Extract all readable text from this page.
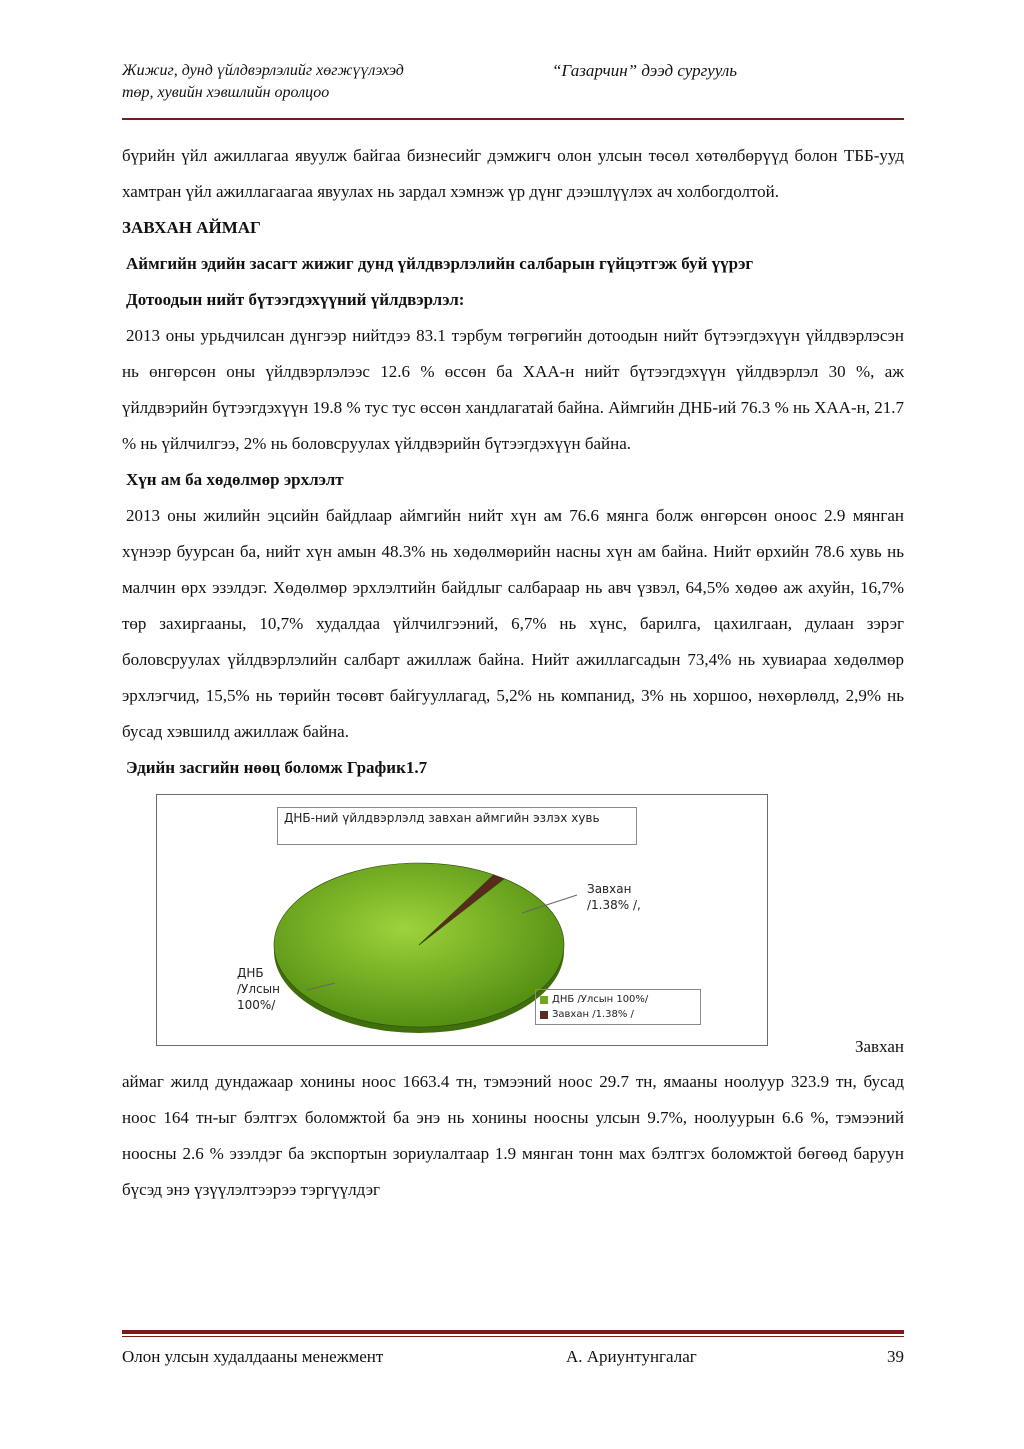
Жижиг, дунд үйлдвэрлэлийг хөгжүүлэхэд
төр, хувийн хэвшлийн оролцоо
“Газарчин” дээд сургууль

бүрийн үйл ажиллагаа явуулж байгаа бизнесийг дэмжигч олон улсын төсөл хөтөлбөрүүд болон ТББ-ууд хамтран үйл ажиллагаагаа явуулах нь зардал хэмнэж үр дүнг дээшлүүлэх ач холбогдолтой.

ЗАВХАН АЙМАГ

Аймгийн эдийн засагт жижиг дунд үйлдвэрлэлийн салбарын гүйцэтгэж буй үүрэг

Дотоодын нийт бүтээгдэхүүний үйлдвэрлэл:

2013 оны урьдчилсан дүнгээр нийтдээ 83.1 тэрбум төгрөгийн дотоодын нийт бүтээгдэхүүн үйлдвэрлэсэн нь өнгөрсөн оны үйлдвэрлэлээс 12.6 % өссөн ба ХАА-н нийт бүтээгдэхүүн үйлдвэрлэл 30 %, аж үйлдвэрийн бүтээгдэхүүн 19.8 % тус тус өссөн хандлагатай байна. Аймгийн ДНБ-ий 76.3 % нь ХАА-н, 21.7 % нь үйлчилгээ, 2% нь боловсруулах үйлдвэрийн бүтээгдэхүүн байна.

Хүн ам ба хөдөлмөр эрхлэлт

2013 оны жилийн эцсийн байдлаар аймгийн нийт хүн ам 76.6 мянга болж өнгөрсөн оноос 2.9 мянган хүнээр буурсан ба, нийт хүн амын 48.3% нь хөдөлмөрийн насны хүн ам байна. Нийт өрхийн 78.6 хувь нь малчин өрх эзэлдэг. Хөдөлмөр эрхлэлтийн байдлыг салбараар нь авч үзвэл, 64,5% хөдөө аж ахуйн, 16,7% төр захиргааны, 10,7% худалдаа үйлчилгээний, 6,7% нь хүнс, барилга, цахилгаан, дулаан зэрэг боловсруулах үйлдвэрлэлийн салбарт ажиллаж байна. Нийт ажиллагсадын 73,4% нь хувиараа хөдөлмөр эрхлэгчид, 15,5% нь төрийн төсөвт байгууллагад, 5,2% нь компанид, 3% нь хоршоо, нөхөрлөлд, 2,9% нь бусад хэвшилд ажиллаж байна.

Эдийн засгийн нөөц боломж График1.7

ДНБ-ний үйлдвэрлэлд завхан аймгийн эзлэх хувь
Завхан
/1.38% /,
ДНБ
/Улсын
100%/	ДНБ /Улсын 100%/
Завхан /1.38% /
Завхан

аймаг жилд дундажаар хонины ноос 1663.4 тн, тэмээний ноос 29.7 тн, ямааны ноолуур 323.9 тн, бусад ноос 164 тн-ыг бэлтгэх боломжтой ба энэ нь хонины ноосны улсын 9.7%, ноолуурын 6.6 %, тэмээний ноосны 2.6 % эзэлдэг ба экспортын зориулалтаар 1.9 мянган тонн мах бэлтгэх боломжтой бөгөөд баруун бүсэд энэ үзүүлэлтээрээ тэргүүлдэг

Олон улсын худалдааны менежмент	А. Ариунтунгалаг	39
